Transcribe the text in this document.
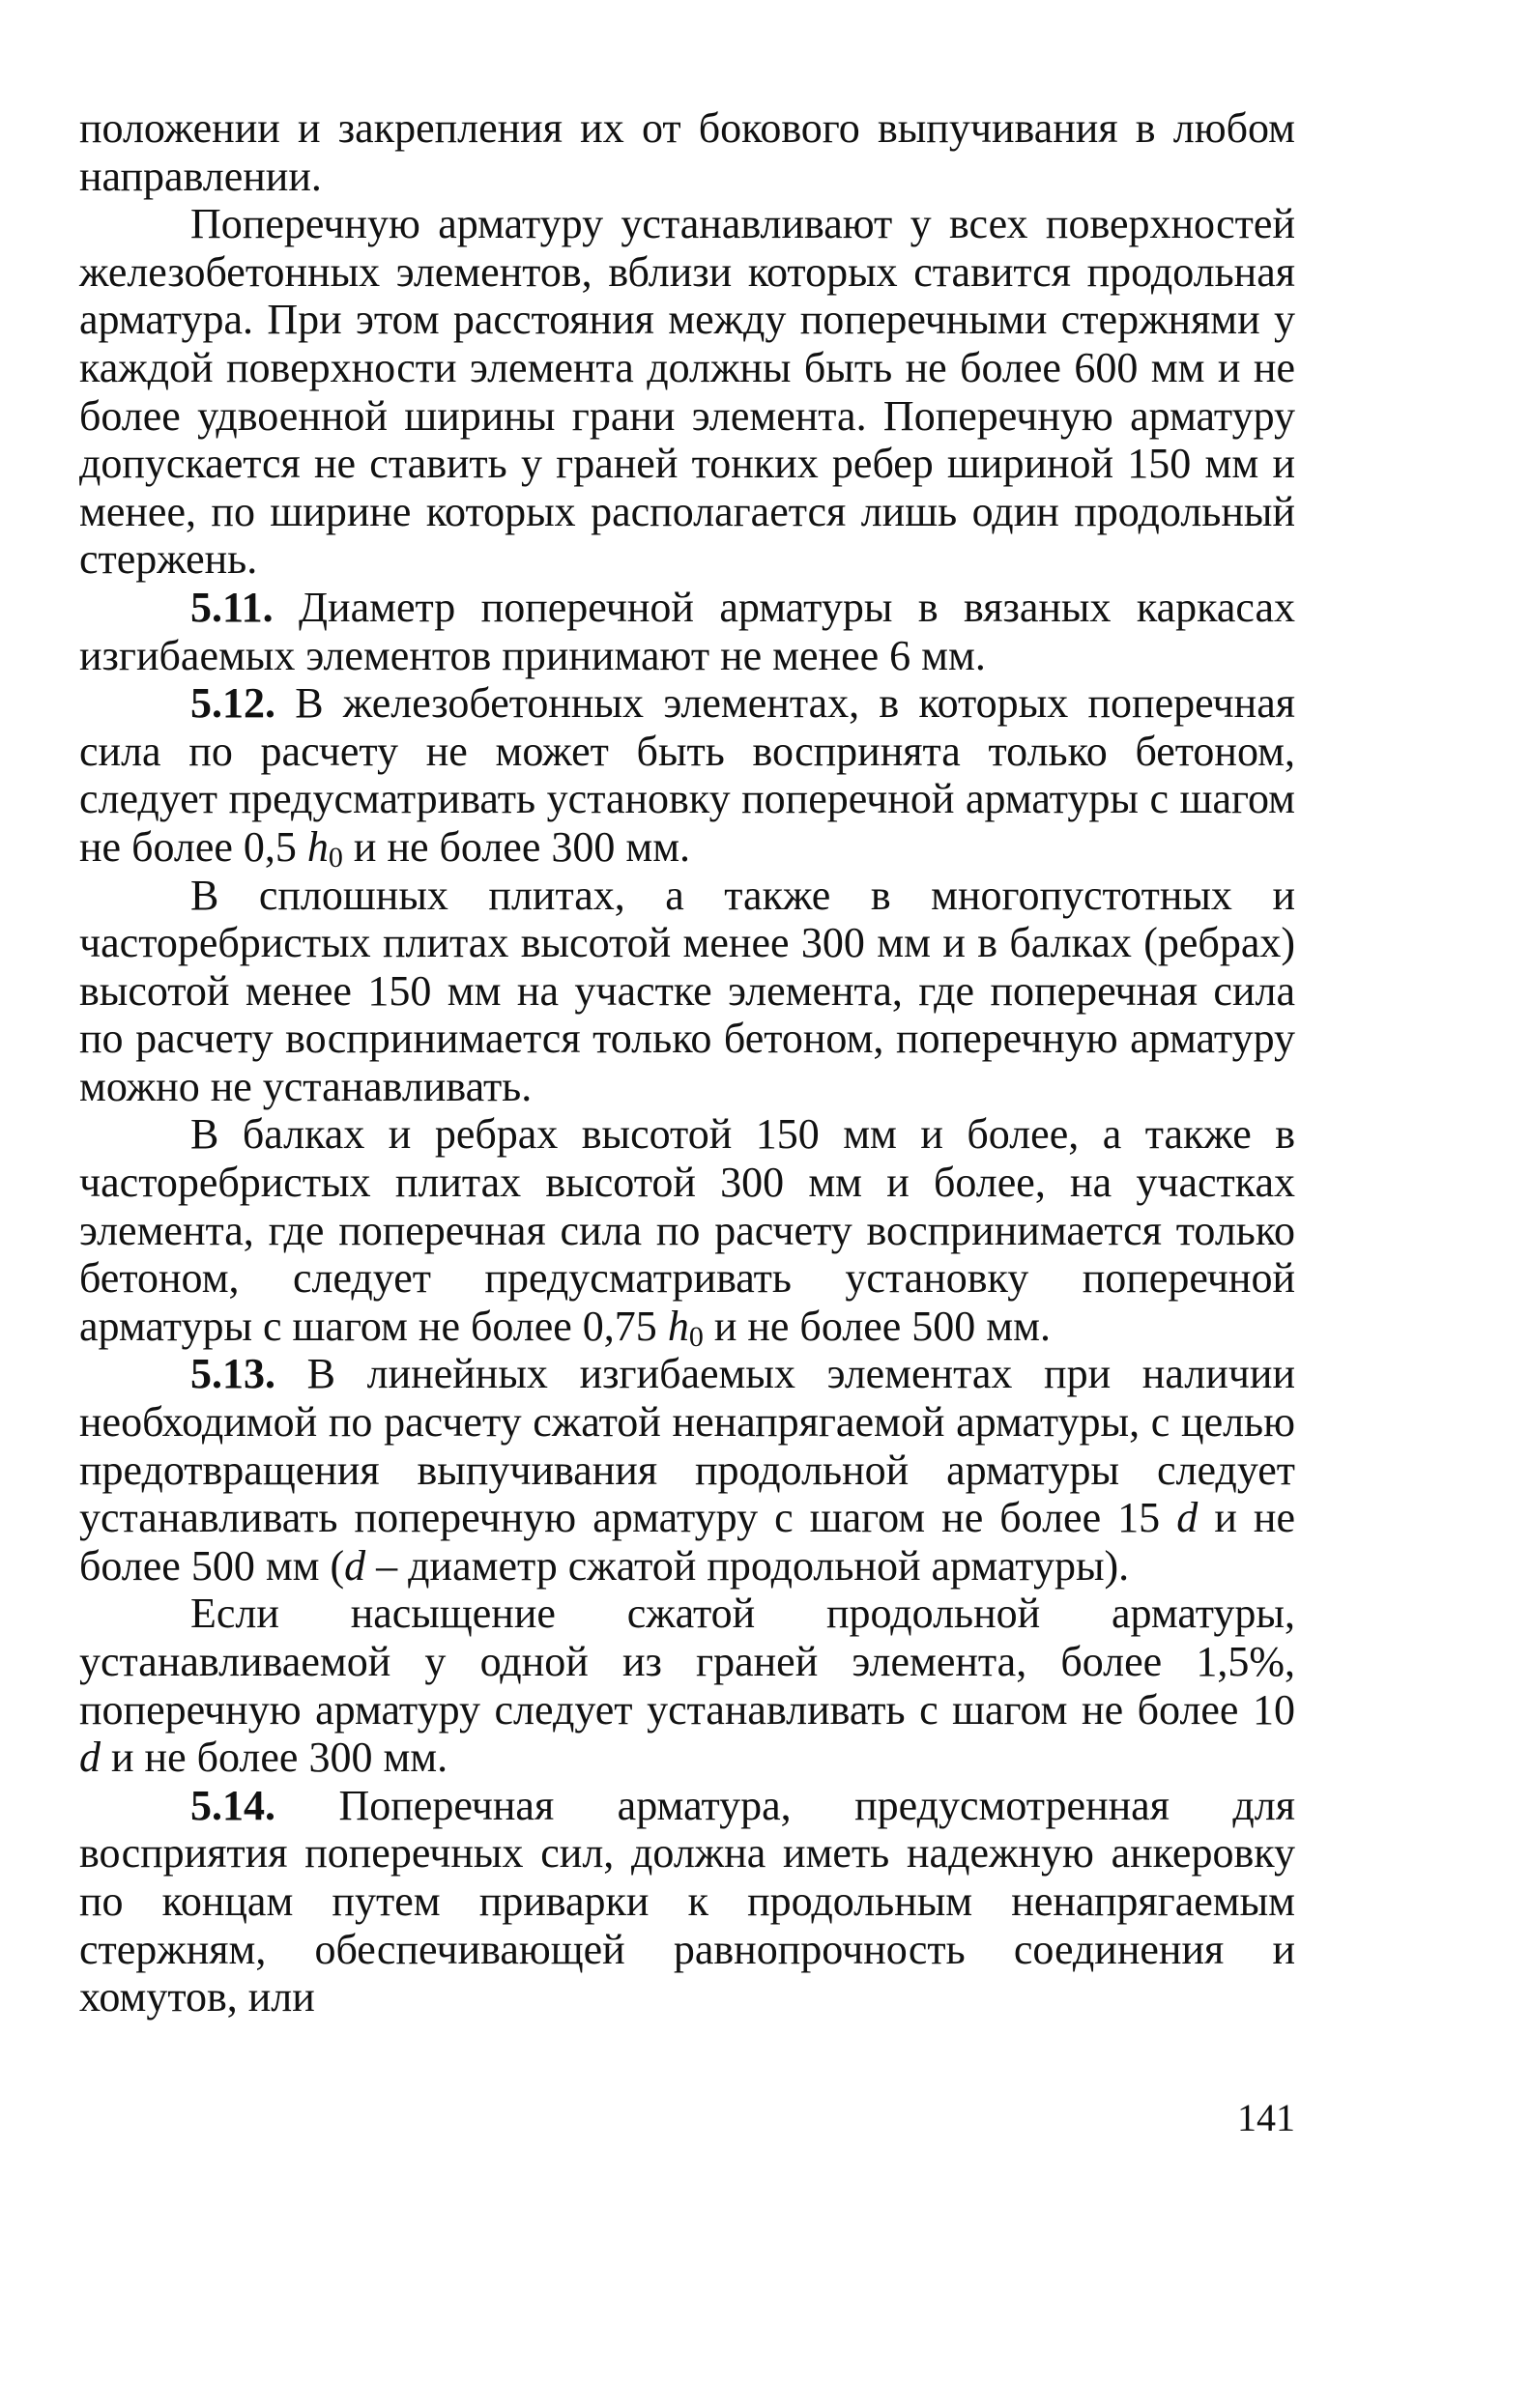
положении и закрепления их от бокового выпучивания в любом направлении.

Поперечную арматуру устанавливают у всех поверхностей железобетонных элементов, вблизи которых ставится продольная арматура. При этом расстояния между поперечными стержнями у каждой поверхности элемента должны быть не более 600 мм и не более удвоенной ширины грани элемента. Поперечную арматуру допускается не ставить у граней тонких ребер шириной 150 мм и менее, по ширине которых располагается лишь один продольный стержень.

5.11. Диаметр поперечной арматуры в вязаных каркасах изгибаемых элементов принимают не менее 6 мм.

5.12. В железобетонных элементах, в которых поперечная сила по расчету не может быть воспринята только бетоном, следует предусматривать установку поперечной арматуры с шагом не более 0,5 $h_0$ и не более 300 мм.

В сплошных плитах, а также в многопустотных и часторебристых плитах высотой менее 300 мм и в балках (ребрах) высотой менее 150 мм на участке элемента, где поперечная сила по расчету воспринимается только бетоном, поперечную арматуру можно не устанавливать.

В балках и ребрах высотой 150 мм и более, а также в часторебристых плитах высотой 300 мм и более, на участках элемента, где поперечная сила по расчету воспринимается только бетоном, следует предусматривать установку поперечной арматуры с шагом не более 0,75 $h_0$ и не более 500 мм.

5.13. В линейных изгибаемых элементах при наличии необходимой по расчету сжатой ненапрягаемой арматуры, с целью предотвращения выпучивания продольной арматуры следует устанавливать поперечную арматуру с шагом не более 15 d и не более 500 мм (d – диаметр сжатой продольной арматуры).

Если насыщение сжатой продольной арматуры, устанавливаемой у одной из граней элемента, более 1,5%, поперечную арматуру следует устанавливать с шагом не более 10 d и не более 300 мм.

5.14. Поперечная арматура, предусмотренная для восприятия поперечных сил, должна иметь надежную анкеровку по концам путем приварки к продольным ненапрягаемым стержням, обеспечивающей равнопрочность соединения и хомутов, или

141
